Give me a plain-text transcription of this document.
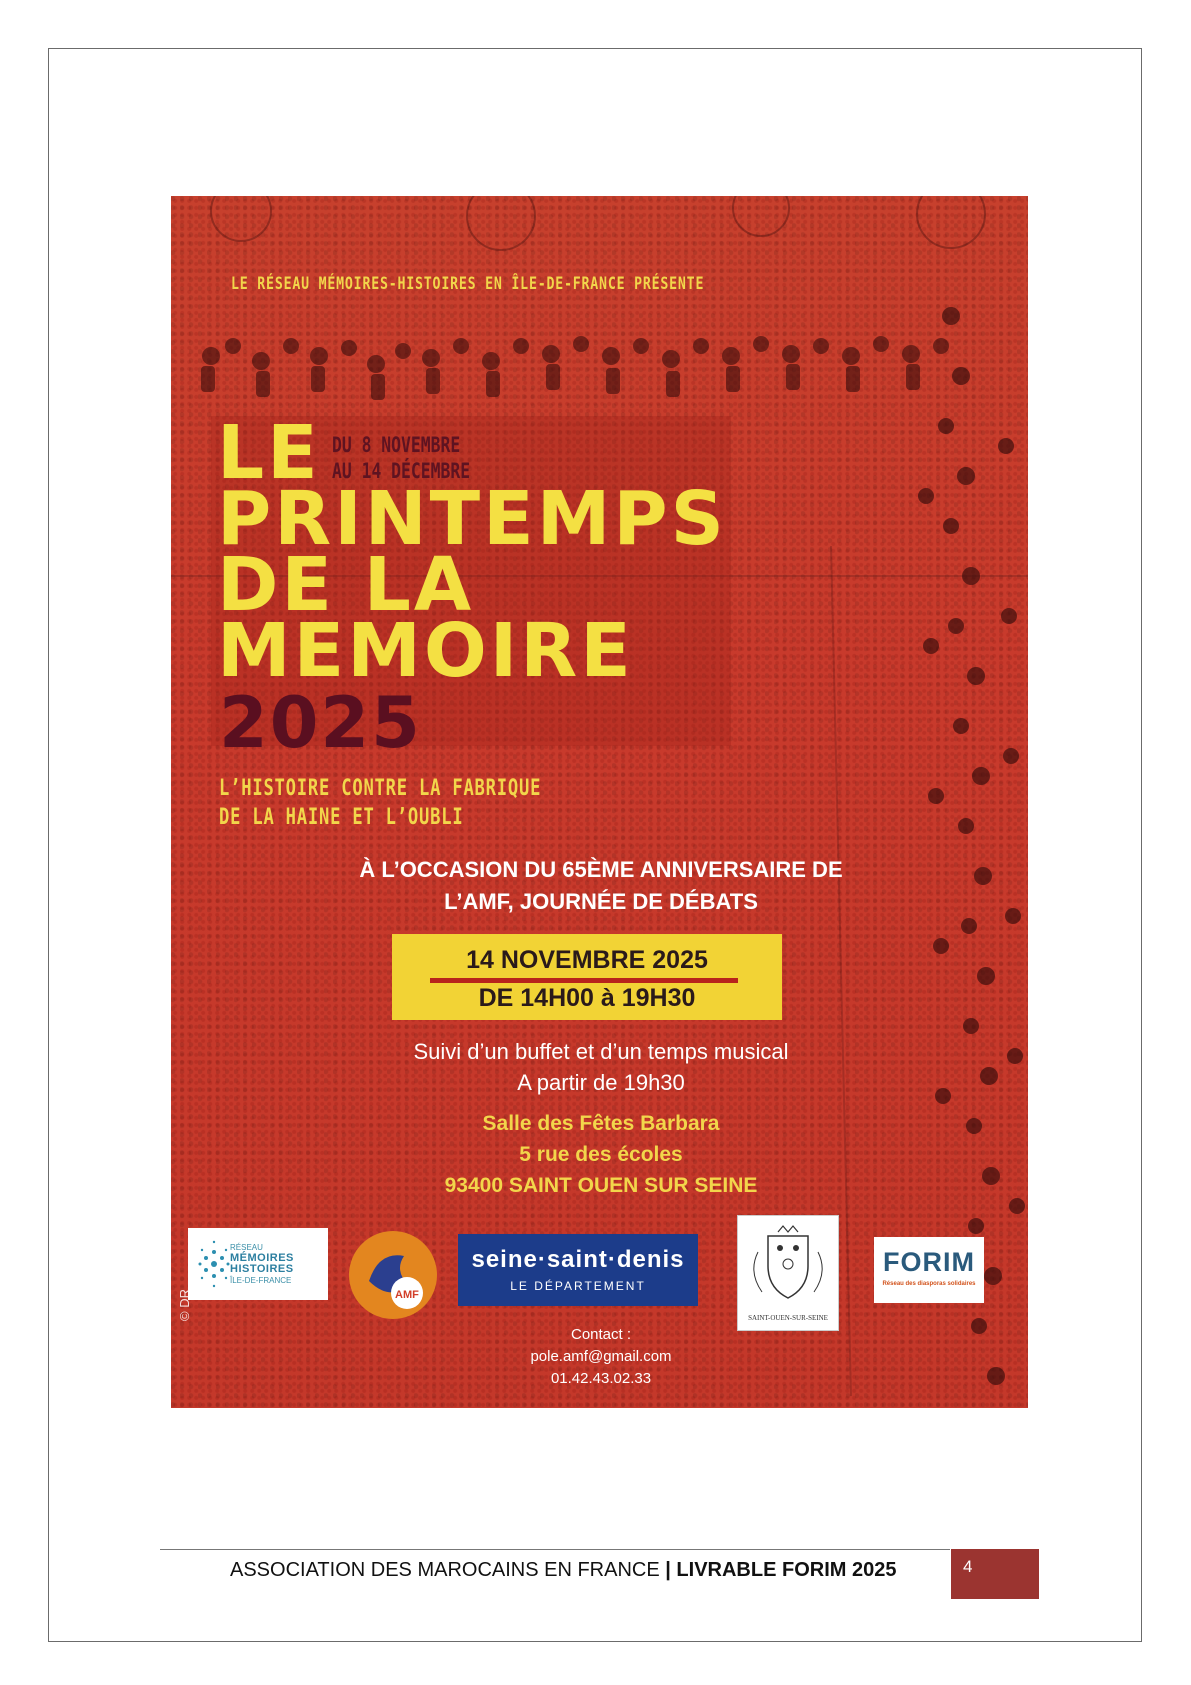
LE RÉSEAU MÉMOIRES-HISTOIRES EN ÎLE-DE-FRANCE PRÉSENTE
LE
PRINTEMPS
DE LA
MEMOIRE
DU 8 NOVEMBRE
AU 14 DÉCEMBRE
2025
L’HISTOIRE CONTRE LA FABRIQUE
DE LA HAINE ET L’OUBLI
À L’OCCASION DU 65ÈME ANNIVERSAIRE DE
L’AMF, JOURNÉE DE DÉBATS
14 NOVEMBRE 2025
DE 14H00 à 19H30
Suivi d’un buffet et d’un temps musical
A partir de 19h30
Salle des Fêtes Barbara
5 rue des écoles
93400 SAINT OUEN SUR SEINE
RÉSEAU
MÉMOIRES
HISTOIRES
ÎLE-DE-FRANCE
AMF
seine·saint·denis
LE DÉPARTEMENT
SAINT-OUEN-SUR-SEINE
FORIM
Réseau des diasporas solidaires
© DR
Contact :
pole.amf@gmail.com
01.42.43.02.33
ASSOCIATION DES MAROCAINS EN FRANCE | LIVRABLE FORIM 2025	4
